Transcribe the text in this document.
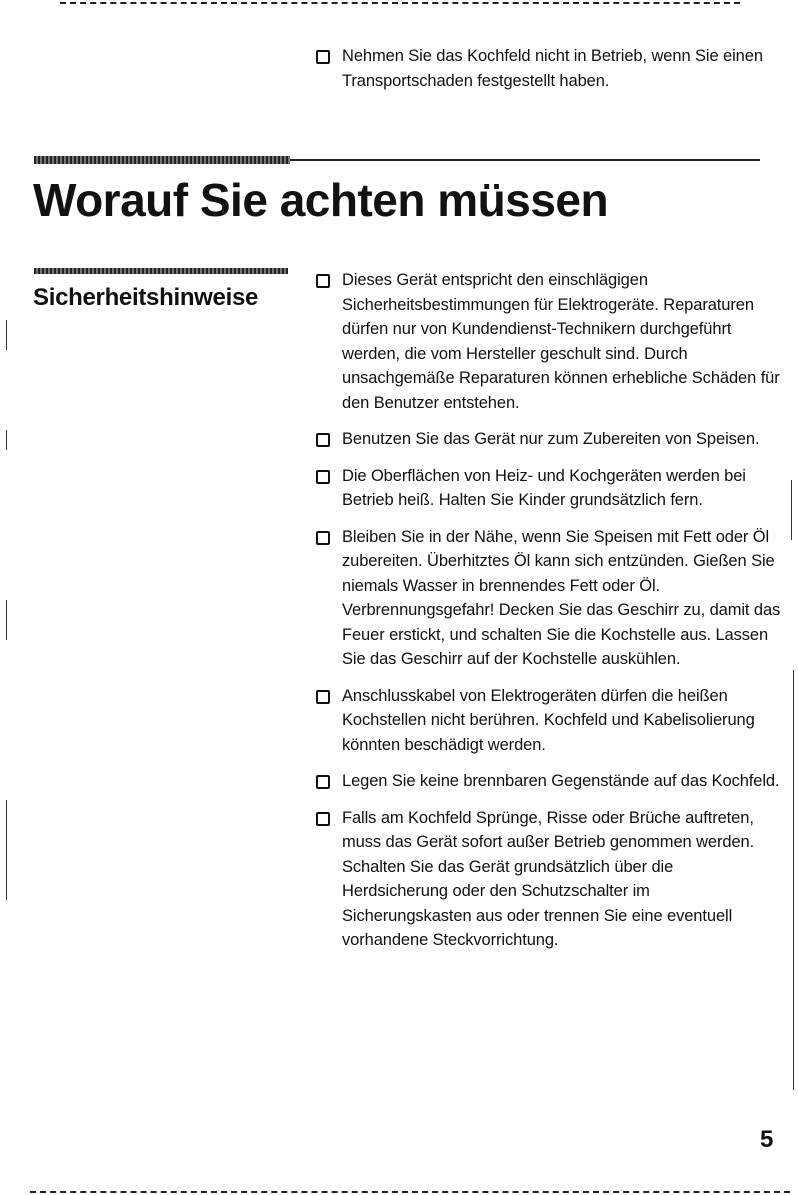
Nehmen Sie das Kochfeld nicht in Betrieb, wenn Sie einen Transportschaden festgestellt haben.
Worauf Sie achten müssen
Sicherheitshinweise
Dieses Gerät entspricht den einschlägigen Sicherheitsbestimmungen für Elektrogeräte. Reparaturen dürfen nur von Kundendienst-Technikern durchgeführt werden, die vom Hersteller geschult sind. Durch unsachgemäße Reparaturen können erhebliche Schäden für den Benutzer entstehen.
Benutzen Sie das Gerät nur zum Zubereiten von Speisen.
Die Oberflächen von Heiz- und Kochgeräten werden bei Betrieb heiß. Halten Sie Kinder grundsätzlich fern.
Bleiben Sie in der Nähe, wenn Sie Speisen mit Fett oder Öl zubereiten. Überhitztes Öl kann sich entzünden. Gießen Sie niemals Wasser in brennendes Fett oder Öl. Verbrennungsgefahr! Decken Sie das Geschirr zu, damit das Feuer erstickt, und schalten Sie die Kochstelle aus. Lassen Sie das Geschirr auf der Kochstelle auskühlen.
Anschlusskabel von Elektrogeräten dürfen die heißen Kochstellen nicht berühren. Kochfeld und Kabelisolierung könnten beschädigt werden.
Legen Sie keine brennbaren Gegenstände auf das Kochfeld.
Falls am Kochfeld Sprünge, Risse oder Brüche auftreten, muss das Gerät sofort außer Betrieb genommen werden. Schalten Sie das Gerät grundsätzlich über die Herdsicherung oder den Schutzschalter im Sicherungskasten aus oder trennen Sie eine eventuell vorhandene Steckvorrichtung.
5
